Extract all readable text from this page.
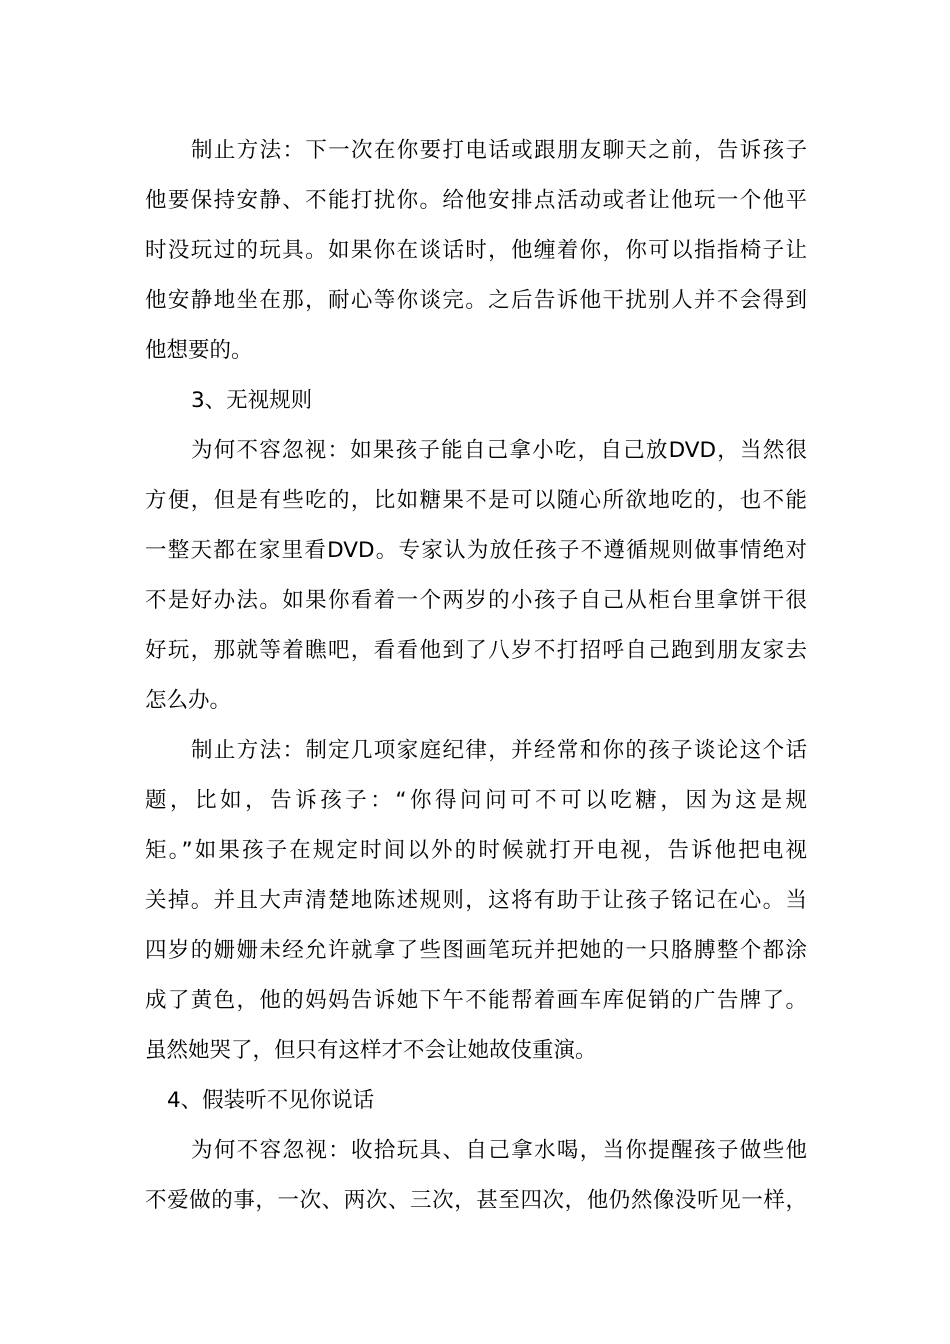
制止方法：下一次在你要打电话或跟朋友聊天之前，告诉孩子
他要保持安静、不能打扰你。给他安排点活动或者让他玩一个他平
时没玩过的玩具。如果你在谈话时，他缠着你，你可以指指椅子让
他安静地坐在那，耐心等你谈完。之后告诉他干扰别人并不会得到
他想要的。
3、无视规则
为何不容忽视：如果孩子能自己拿小吃，自己放DVD，当然很
方便，但是有些吃的，比如糖果不是可以随心所欲地吃的，也不能
一整天都在家里看DVD。专家认为放任孩子不遵循规则做事情绝对
不是好办法。如果你看着一个两岁的小孩子自己从柜台里拿饼干很
好玩，那就等着瞧吧，看看他到了八岁不打招呼自己跑到朋友家去
怎么办。
制止方法：制定几项家庭纪律，并经常和你的孩子谈论这个话
题，比如，告诉孩子：“你得问问可不可以吃糖，因为这是规
矩。”如果孩子在规定时间以外的时候就打开电视，告诉他把电视
关掉。并且大声清楚地陈述规则，这将有助于让孩子铭记在心。当
四岁的姗姗未经允许就拿了些图画笔玩并把她的一只胳膊整个都涂
成了黄色，他的妈妈告诉她下午不能帮着画车库促销的广告牌了。
虽然她哭了，但只有这样才不会让她故伎重演。
4、假装听不见你说话
为何不容忽视：收拾玩具、自己拿水喝，当你提醒孩子做些他
不爱做的事，一次、两次、三次，甚至四次，他仍然像没听见一样，
